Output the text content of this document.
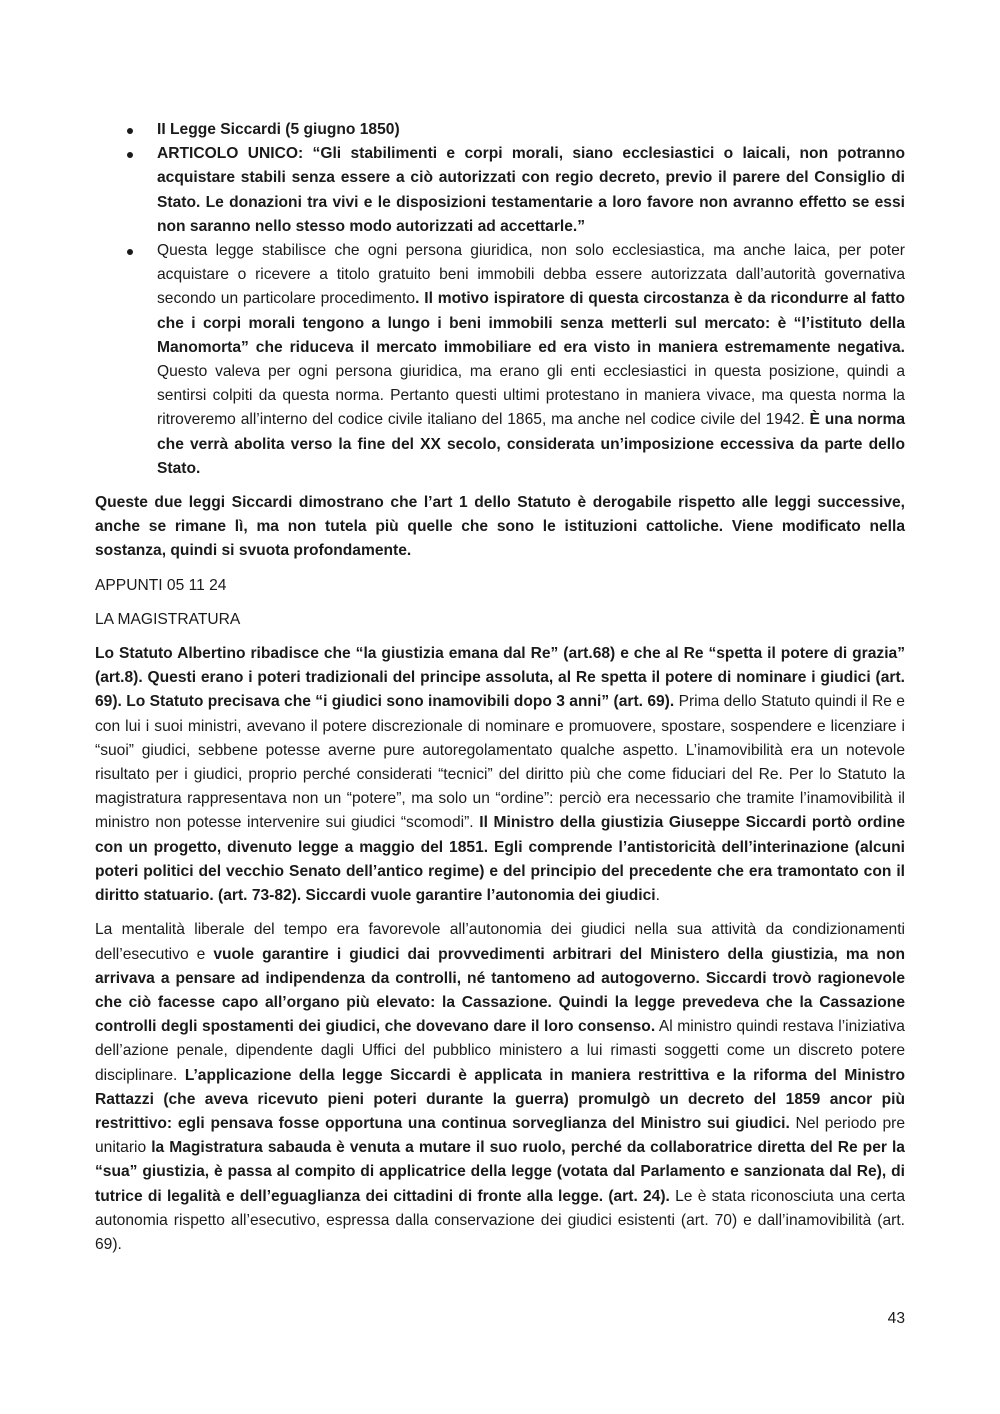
II Legge Siccardi (5 giugno 1850)
ARTICOLO UNICO: “Gli stabilimenti e corpi morali, siano ecclesiastici o laicali, non potranno acquistare stabili senza essere a ciò autorizzati con regio decreto, previo il parere del Consiglio di Stato. Le donazioni tra vivi e le disposizioni testamentarie a loro favore non avranno effetto se essi non saranno nello stesso modo autorizzati ad accettarle.”
Questa legge stabilisce che ogni persona giuridica, non solo ecclesiastica, ma anche laica, per poter acquistare o ricevere a titolo gratuito beni immobili debba essere autorizzata dall’autorità governativa secondo un particolare procedimento. Il motivo ispiratore di questa circostanza è da ricondurre al fatto che i corpi morali tengono a lungo i beni immobili senza metterli sul mercato: è “l’istituto della Manomorta” che riduceva il mercato immobiliare ed era visto in maniera estremamente negativa. Questo valeva per ogni persona giuridica, ma erano gli enti ecclesiastici in questa posizione, quindi a sentirsi colpiti da questa norma. Pertanto questi ultimi protestano in maniera vivace, ma questa norma la ritroveremo all’interno del codice civile italiano del 1865, ma anche nel codice civile del 1942. È una norma che verrà abolita verso la fine del XX secolo, considerata un’imposizione eccessiva da parte dello Stato.

Queste due leggi Siccardi dimostrano che l’art 1 dello Statuto è derogabile rispetto alle leggi successive, anche se rimane lì, ma non tutela più quelle che sono le istituzioni cattoliche. Viene modificato nella sostanza, quindi si svuota profondamente.

APPUNTI 05 11 24

LA MAGISTRATURA

Lo Statuto Albertino ribadisce che “la giustizia emana dal Re” (art.68) e che al Re “spetta il potere di grazia” (art.8). Questi erano i poteri tradizionali del principe assoluta, al Re spetta il potere di nominare i giudici (art. 69). Lo Statuto precisava che “i giudici sono inamovibili dopo 3 anni” (art. 69). Prima dello Statuto quindi il Re e con lui i suoi ministri, avevano il potere discrezionale di nominare e promuovere, spostare, sospendere e licenziare i “suoi” giudici, sebbene potesse averne pure autoregolamentato qualche aspetto. L’inamovibilità era un notevole risultato per i giudici, proprio perché considerati “tecnici” del diritto più che come fiduciari del Re. Per lo Statuto la magistratura rappresentava non un “potere”, ma solo un “ordine”: perciò era necessario che tramite l’inamovibilità il ministro non potesse intervenire sui giudici “scomodi”. Il Ministro della giustizia Giuseppe Siccardi portò ordine con un progetto, divenuto legge a maggio del 1851. Egli comprende l’antistoricità dell’interinazione (alcuni poteri politici del vecchio Senato dell’antico regime) e del principio del precedente che era tramontato con il diritto statuario. (art. 73-82). Siccardi vuole garantire l’autonomia dei giudici.

La mentalità liberale del tempo era favorevole all’autonomia dei giudici nella sua attività da condizionamenti dell’esecutivo e vuole garantire i giudici dai provvedimenti arbitrari del Ministero della giustizia, ma non arrivava a pensare ad indipendenza da controlli, né tantomeno ad autogoverno. Siccardi trovò ragionevole che ciò facesse capo all’organo più elevato: la Cassazione. Quindi la legge prevedeva che la Cassazione controlli degli spostamenti dei giudici, che dovevano dare il loro consenso. Al ministro quindi restava l’iniziativa dell’azione penale, dipendente dagli Uffici del pubblico ministero a lui rimasti soggetti come un discreto potere disciplinare. L’applicazione della legge Siccardi è applicata in maniera restrittiva e la riforma del Ministro Rattazzi (che aveva ricevuto pieni poteri durante la guerra) promulgò un decreto del 1859 ancor più restrittivo: egli pensava fosse opportuna una continua sorveglianza del Ministro sui giudici. Nel periodo pre unitario la Magistratura sabauda è venuta a mutare il suo ruolo, perché da collaboratrice diretta del Re per la “sua” giustizia, è passa al compito di applicatrice della legge (votata dal Parlamento e sanzionata dal Re), di tutrice di legalità e dell’eguaglianza dei cittadini di fronte alla legge. (art. 24). Le è stata riconosciuta una certa autonomia rispetto all’esecutivo, espressa dalla conservazione dei giudici esistenti (art. 70) e dall’inamovibilità (art. 69).

43
